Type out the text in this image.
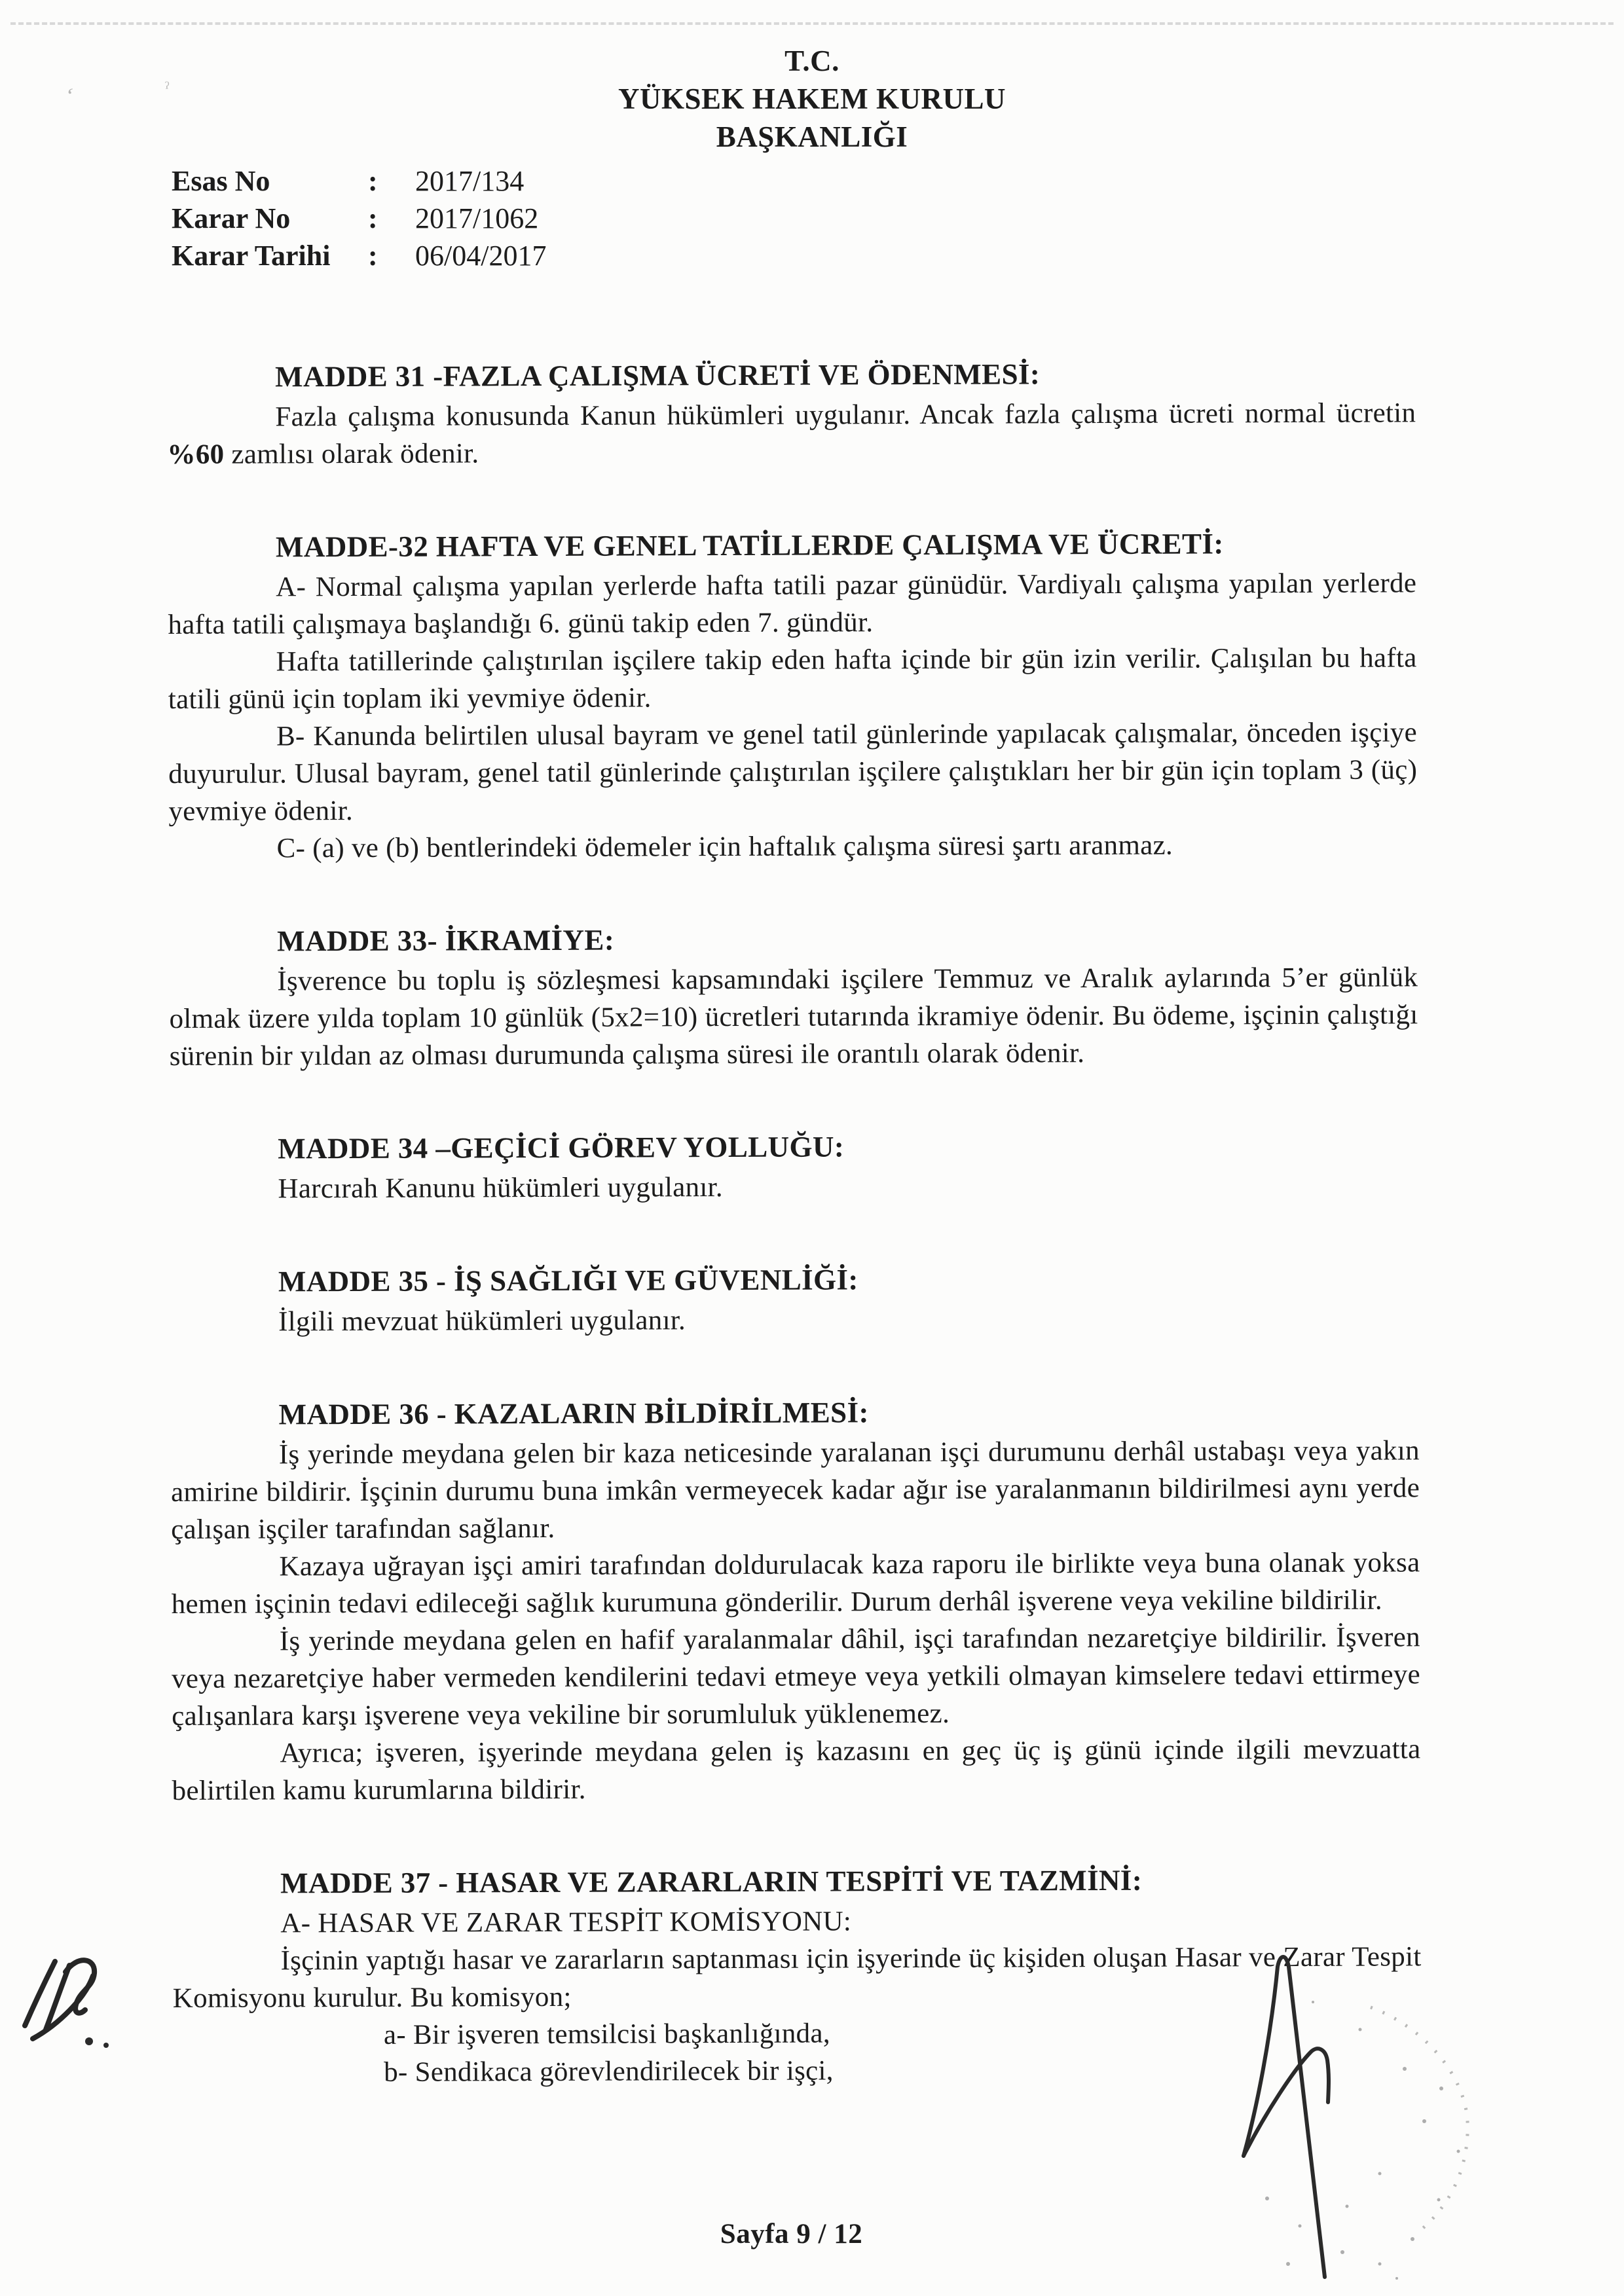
ʻ	ˀ
T.C.
YÜKSEK HAKEM KURULU
BAŞKANLIĞI
Esas No	: 2017/134
Karar No	: 2017/1062
Karar Tarihi : 06/04/2017
MADDE 31 -FAZLA ÇALIŞMA ÜCRETİ VE ÖDENMESİ:

Fazla çalışma konusunda Kanun hükümleri uygulanır. Ancak fazla çalışma ücreti normal ücretin %60 zamlısı olarak ödenir.

MADDE-32 HAFTA VE GENEL TATİLLERDE ÇALIŞMA VE ÜCRETİ:

A- Normal çalışma yapılan yerlerde hafta tatili pazar günüdür. Vardiyalı çalışma yapılan yerlerde hafta tatili çalışmaya başlandığı 6. günü takip eden 7. gündür.

Hafta tatillerinde çalıştırılan işçilere takip eden hafta içinde bir gün izin verilir. Çalışılan bu hafta tatili günü için toplam iki yevmiye ödenir.

B- Kanunda belirtilen ulusal bayram ve genel tatil günlerinde yapılacak çalışmalar, önceden işçiye duyurulur. Ulusal bayram, genel tatil günlerinde çalıştırılan işçilere çalıştıkları her bir gün için toplam 3 (üç) yevmiye ödenir.

C- (a) ve (b) bentlerindeki ödemeler için haftalık çalışma süresi şartı aranmaz.

MADDE 33- İKRAMİYE:

İşverence bu toplu iş sözleşmesi kapsamındaki işçilere Temmuz ve Aralık aylarında 5’er günlük olmak üzere yılda toplam 10 günlük (5x2=10) ücretleri tutarında ikramiye ödenir. Bu ödeme, işçinin çalıştığı sürenin bir yıldan az olması durumunda çalışma süresi ile orantılı olarak ödenir.

MADDE 34 –GEÇİCİ GÖREV YOLLUĞU:

Harcırah Kanunu hükümleri uygulanır.

MADDE 35 - İŞ SAĞLIĞI VE GÜVENLİĞİ:

İlgili mevzuat hükümleri uygulanır.

MADDE 36 - KAZALARIN BİLDİRİLMESİ:

İş yerinde meydana gelen bir kaza neticesinde yaralanan işçi durumunu derhâl ustabaşı veya yakın amirine bildirir. İşçinin durumu buna imkân vermeyecek kadar ağır ise yaralanmanın bildirilmesi aynı yerde çalışan işçiler tarafından sağlanır.

Kazaya uğrayan işçi amiri tarafından doldurulacak kaza raporu ile birlikte veya buna olanak yoksa hemen işçinin tedavi edileceği sağlık kurumuna gönderilir. Durum derhâl işverene veya vekiline bildirilir.

İş yerinde meydana gelen en hafif yaralanmalar dâhil, işçi tarafından nezaretçiye bildirilir. İşveren veya nezaretçiye haber vermeden kendilerini tedavi etmeye veya yetkili olmayan kimselere tedavi ettirmeye çalışanlara karşı işverene veya vekiline bir sorumluluk yüklenemez.

Ayrıca; işveren, işyerinde meydana gelen iş kazasını en geç üç iş günü içinde ilgili mevzuatta belirtilen kamu kurumlarına bildirir.

MADDE 37 - HASAR VE ZARARLARIN TESPİTİ VE TAZMİNİ:

A- HASAR VE ZARAR TESPİT KOMİSYONU:

İşçinin yaptığı hasar ve zararların saptanması için işyerinde üç kişiden oluşan Hasar ve Zarar Tespit Komisyonu kurulur. Bu komisyon;

a- Bir işveren temsilcisi başkanlığında,

b- Sendikaca görevlendirilecek bir işçi,

Sayfa 9 / 12
